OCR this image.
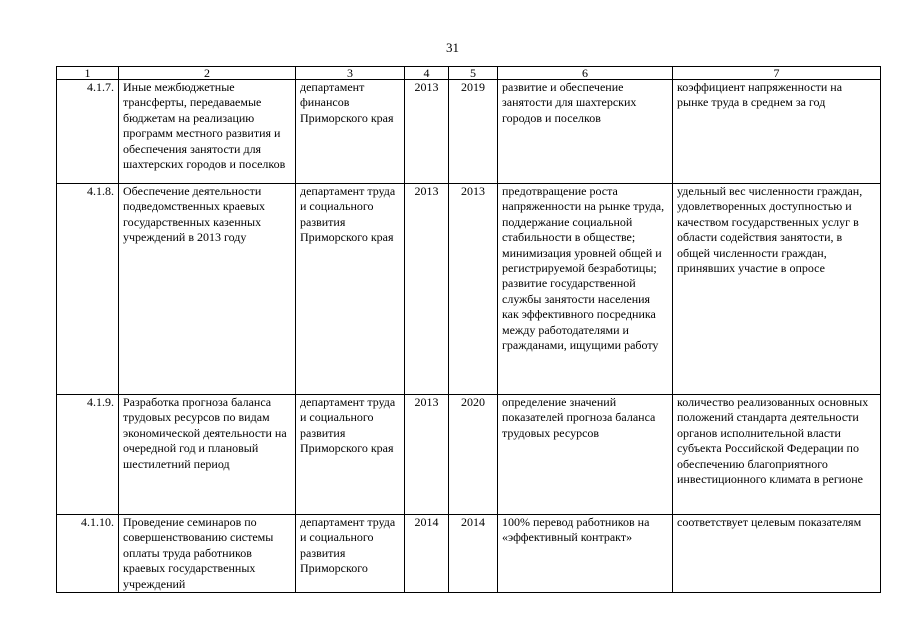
31
1	2	3	4	5	6	7
4.1.7.	Иные межбюджетные трансферты, передаваемые бюджетам на реализацию программ местного развития и обеспечения занятости для шахтерских городов и поселков	департамент финансов Приморского края	2013	2019	развитие и обеспечение занятости для шахтерских городов и поселков	коэффициент напряженности на рынке труда в среднем за год
4.1.8.	Обеспечение деятельности подведомственных краевых государственных казенных учреждений в 2013 году	департамент труда и социального развития Приморского края	2013	2013	предотвращение роста напряженности на рынке труда, поддержание социальной стабильности в обществе; минимизация уровней общей и регистрируемой безработицы; развитие государственной службы занятости населения как эффективного посредника между работодателями и гражданами, ищущими работу	удельный вес численности граждан, удовлетворенных доступностью и качеством государственных услуг в области содействия занятости, в общей численности граждан, принявших участие в опросе
4.1.9.	Разработка прогноза баланса трудовых ресурсов по видам экономической деятельности на очередной год и плановый шестилетний период	департамент труда и социального развития Приморского края	2013	2020	определение значений показателей прогноза баланса трудовых ресурсов	количество реализованных основных положений стандарта деятельности органов исполнительной власти субъекта Российской Федерации по обеспечению благоприятного инвестиционного климата в регионе
4.1.10.	Проведение семинаров по совершенствованию системы оплаты труда работников краевых государственных учреждений	департамент труда и социального развития Приморского	2014	2014	100% перевод работников на «эффективный контракт»	соответствует целевым показателям
